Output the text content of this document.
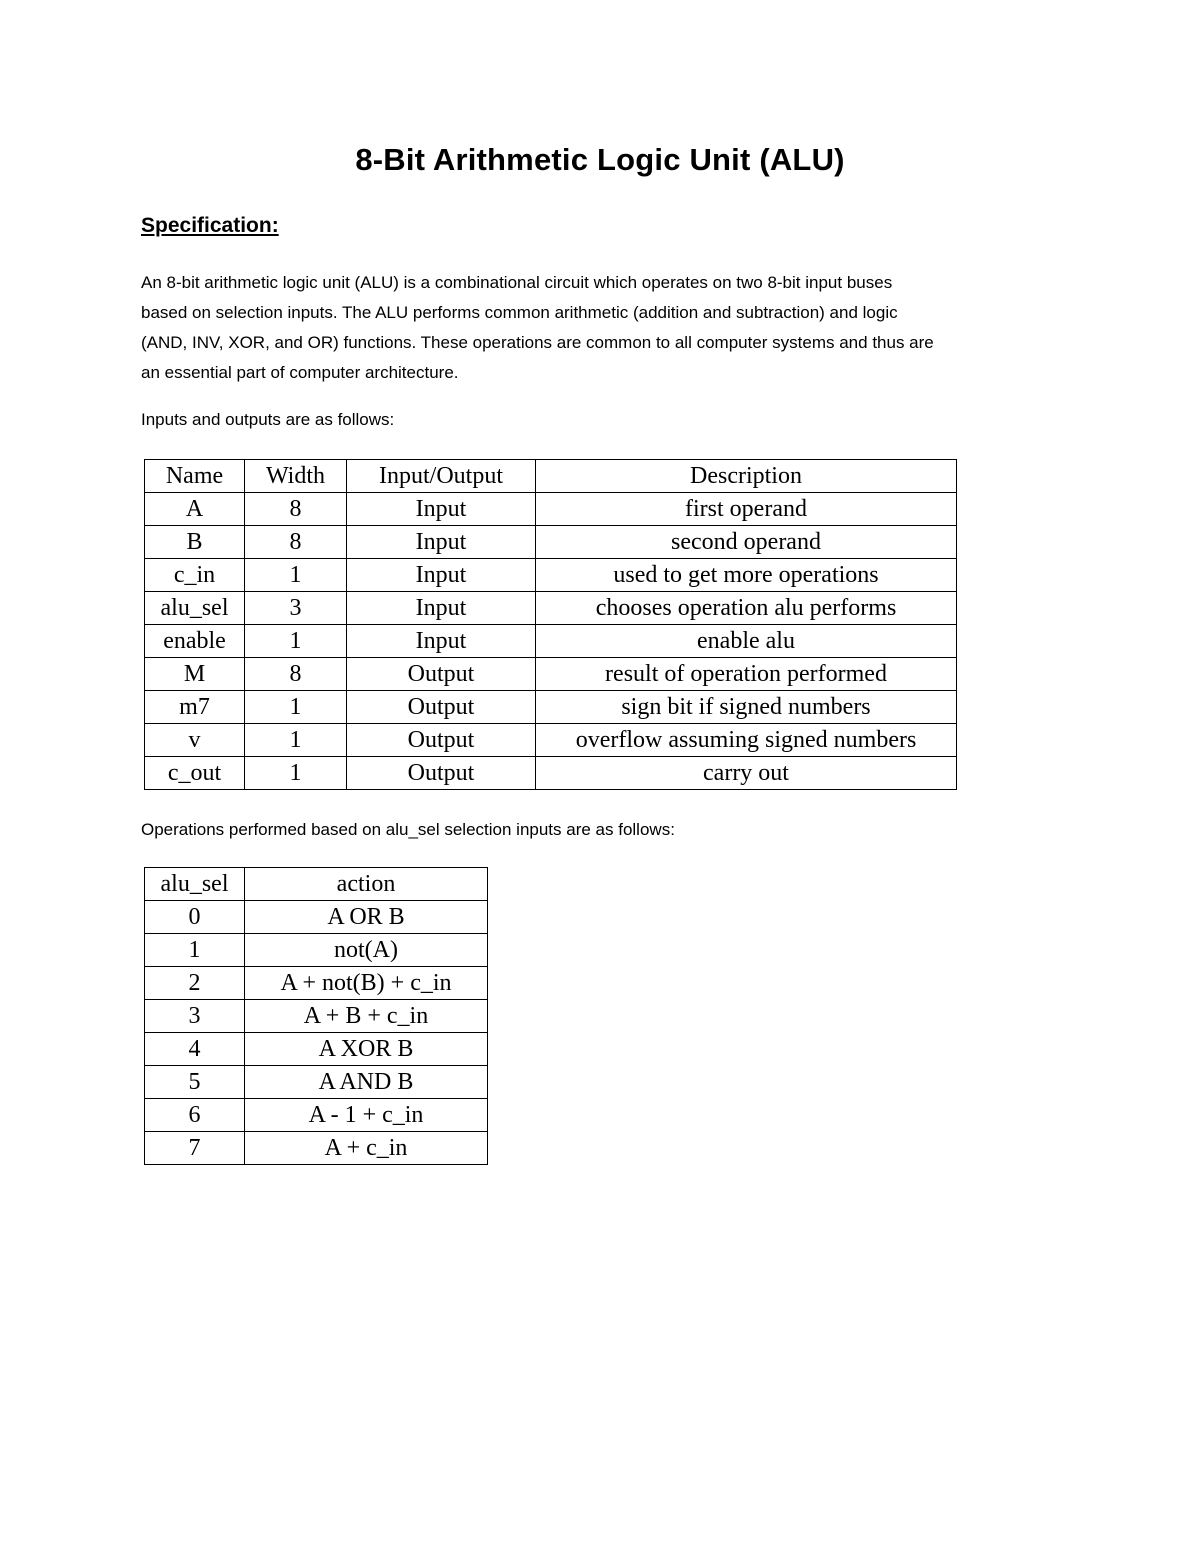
8-Bit Arithmetic Logic Unit (ALU)
Specification:
An 8-bit arithmetic logic unit (ALU) is a combinational circuit which operates on two 8-bit input buses
based on selection inputs. The ALU performs common arithmetic (addition and subtraction) and logic
(AND, INV, XOR, and OR) functions. These operations are common to all computer systems and thus are
an essential part of computer architecture.
Inputs and outputs are as follows:
Name	Width	Input/Output	Description
A	8	Input	first operand
B	8	Input	second operand
c_in	1	Input	used to get more operations
alu_sel	3	Input	chooses operation alu performs
enable	1	Input	enable alu
M	8	Output	result of operation performed
m7	1	Output	sign bit if signed numbers
v	1	Output	overflow assuming signed numbers
c_out	1	Output	carry out
Operations performed based on alu_sel selection inputs are as follows:
alu_sel	action
0	A OR B
1	not(A)
2	A + not(B) + c_in
3	A + B + c_in
4	A XOR B
5	A AND B
6	A - 1 + c_in
7	A + c_in
